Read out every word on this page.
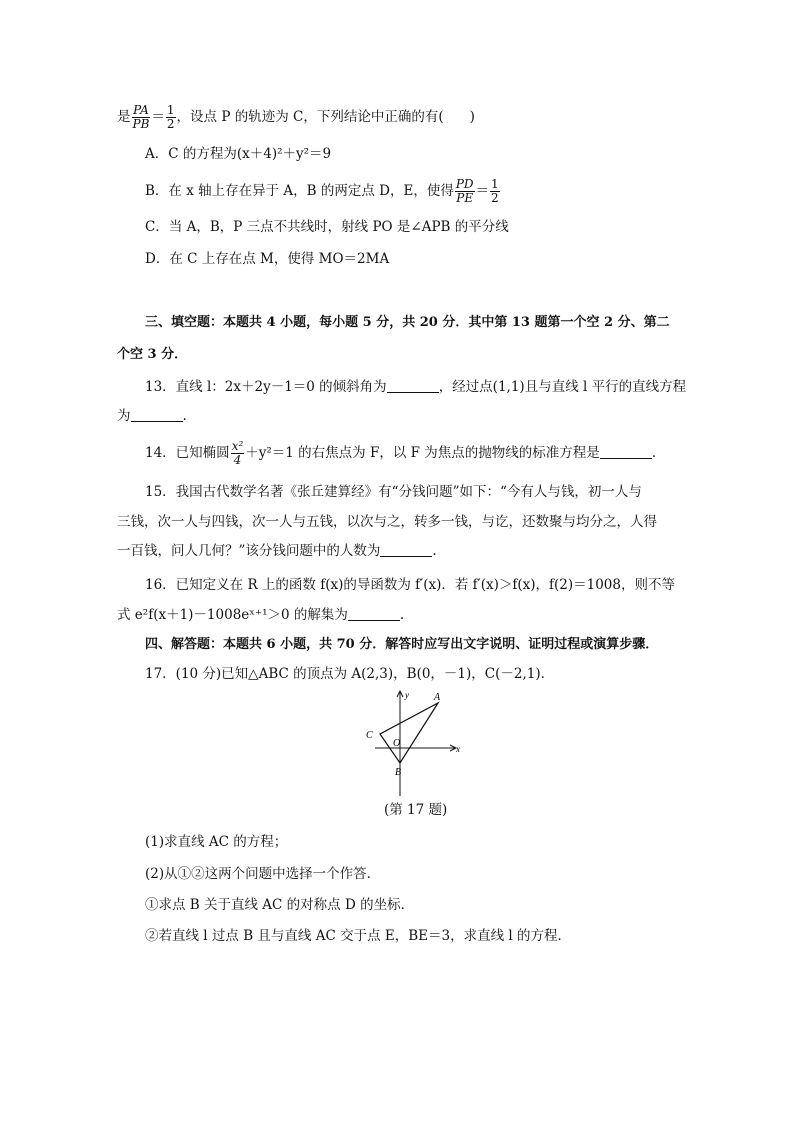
是 $\frac{PA}{PB} = \frac{1}{2}$ ，设点 P 的轨迹为 C，下列结论中正确的有( )
A．C 的方程为(x＋4)²＋y²＝9
B．在 x 轴上存在异于 A，B 的两定点 D，E，使得 $\frac{PD}{PE} = \frac{1}{2}$
C．当 A，B，P 三点不共线时，射线 PO 是∠APB 的平分线
D．在 C 上存在点 M，使得 MO＝2MA
三、填空题：本题共 4 小题，每小题 5 分，共 20 分．其中第 13 题第一个空 2 分、第二
个空 3 分．
13．直线 l：2x＋2y－1＝0 的倾斜角为	，经过点(1,1)且与直线 l 平行的直线方程
为	.
14．已知椭圆 $\frac{\text{x²}}{4} +y^2=1$ 的右焦点为 F，以 F 为焦点的抛物线的标准方程是	.
15．我国古代数学名著《张丘建算经》有“分钱问题”如下：“今有人与钱，初一人与
三钱，次一人与四钱，次一人与五钱，以次与之，转多一钱，与讫，还数聚与均分之，人得
一百钱，问人几何？”该分钱问题中的人数为	.
16．已知定义在 R 上的函数 f(x)的导函数为 f′(x)．若 f′(x)＞f(x)，f(2)＝1008，则不等
式 e²f(x＋1)－1008eˣ⁺¹＞0 的解集为	.
四、解答题：本题共 6 小题，共 70 分．解答时应写出文字说明、证明过程或演算步骤．
17．(10 分)已知△ABC 的顶点为 A(2,3)，B(0，－1)，C(－2,1)．
y	A
C
O	x
B
(第 17 题)
(1)求直线 AC 的方程；
(2)从①②这两个问题中选择一个作答．
①求点 B 关于直线 AC 的对称点 D 的坐标．
②若直线 l 过点 B 且与直线 AC 交于点 E，BE＝3，求直线 l 的方程．
